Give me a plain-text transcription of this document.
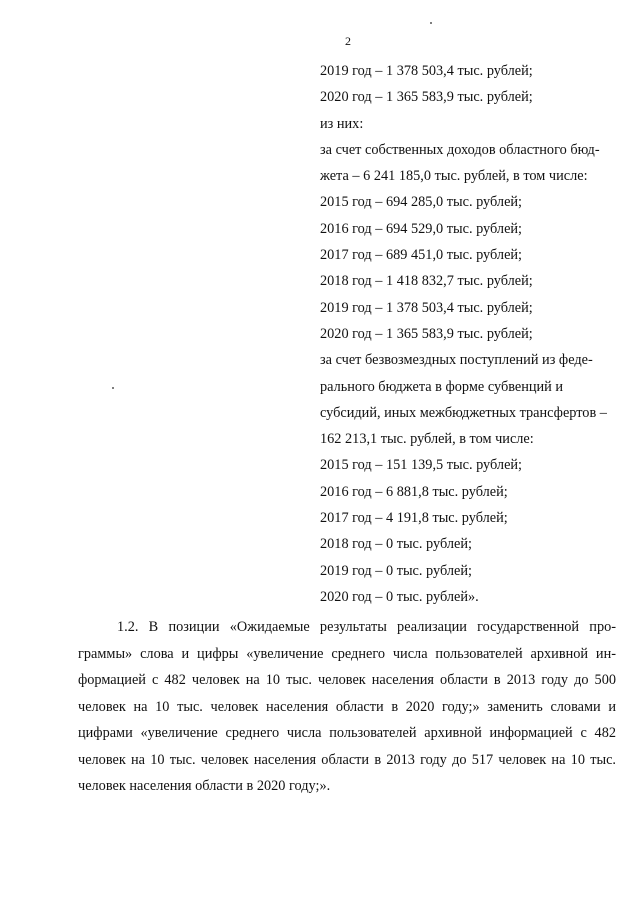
2
2019 год – 1 378 503,4 тыс. рублей;
2020 год – 1 365 583,9 тыс. рублей;
из них:
за счет собственных доходов областного бюд-
жета – 6 241 185,0 тыс. рублей, в том числе:
2015 год – 694 285,0 тыс. рублей;
2016 год – 694 529,0 тыс. рублей;
2017 год – 689 451,0 тыс. рублей;
2018 год – 1 418 832,7 тыс. рублей;
2019 год – 1 378 503,4 тыс. рублей;
2020 год – 1 365 583,9 тыс. рублей;
за счет безвозмездных поступлений из феде-
рального бюджета в форме субвенций и
субсидий, иных межбюджетных трансфертов –
162 213,1 тыс. рублей, в том числе:
2015 год – 151 139,5 тыс. рублей;
2016 год – 6 881,8 тыс. рублей;
2017 год – 4 191,8 тыс. рублей;
2018 год – 0 тыс. рублей;
2019 год – 0 тыс. рублей;
2020 год – 0 тыс. рублей».
1.2. В позиции «Ожидаемые результаты реализации государственной про-
граммы» слова и цифры «увеличение среднего числа пользователей архивной ин-
формацией с 482 человек на 10 тыс. человек населения области в 2013 году до 500
человек на 10 тыс. человек населения области в 2020 году;» заменить словами и
цифрами «увеличение среднего числа пользователей архивной информацией с 482
человек на 10 тыс. человек населения области в 2013 году до 517 человек на 10 тыс.
человек населения области в 2020 году;».
